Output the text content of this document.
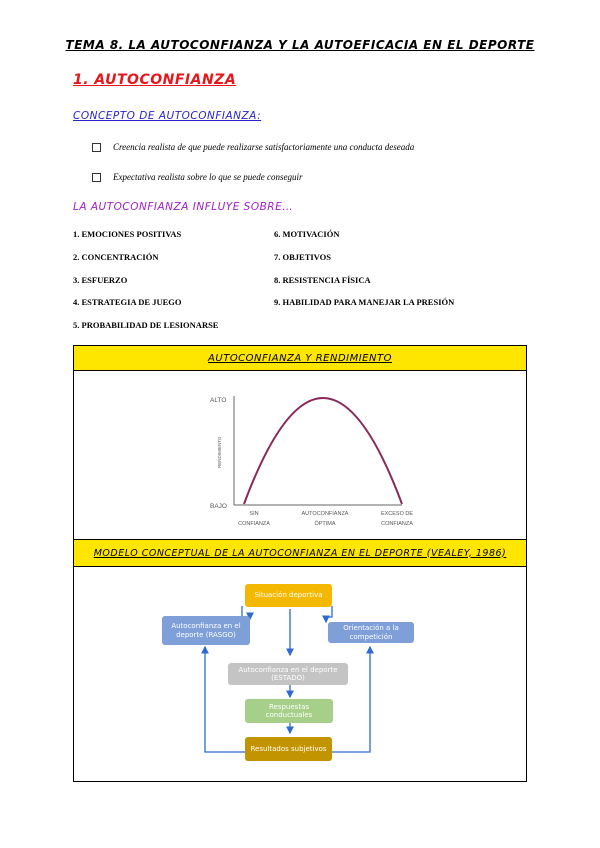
TEMA 8. LA AUTOCONFIANZA Y LA AUTOEFICACIA EN EL DEPORTE
1. AUTOCONFIANZA
CONCEPTO DE AUTOCONFIANZA:
Creencia realista de que puede realizarse satisfactoriamente una conducta deseada
Expectativa realista sobre lo que se puede conseguir
LA AUTOCONFIANZA INFLUYE SOBRE…
1. EMOCIONES POSITIVAS
2. CONCENTRACIÓN
3. ESFUERZO
4. ESTRATEGIA DE JUEGO
5. PROBABILIDAD DE LESIONARSE
6. MOTIVACIÓN
7. OBJETIVOS
8. RESISTENCIA FÍSICA
9. HABILIDAD PARA MANEJAR LA PRESIÓN
AUTOCONFIANZA Y RENDIMIENTO
ALTO
BAJO
RENDIMIENTO
SIN
CONFIANZA
AUTOCONFIANZA
ÓPTIMA
EXCESO DE
CONFIANZA
MODELO CONCEPTUAL DE LA AUTOCONFIANZA EN EL DEPORTE (VEALEY, 1986)
Situación deportiva
Autoconfianza en el deporte (RASGO)
Orientación a la competición
Autoconfianza en el deporte (ESTADO)
Respuestas conductuales
Resultados subjetivos
